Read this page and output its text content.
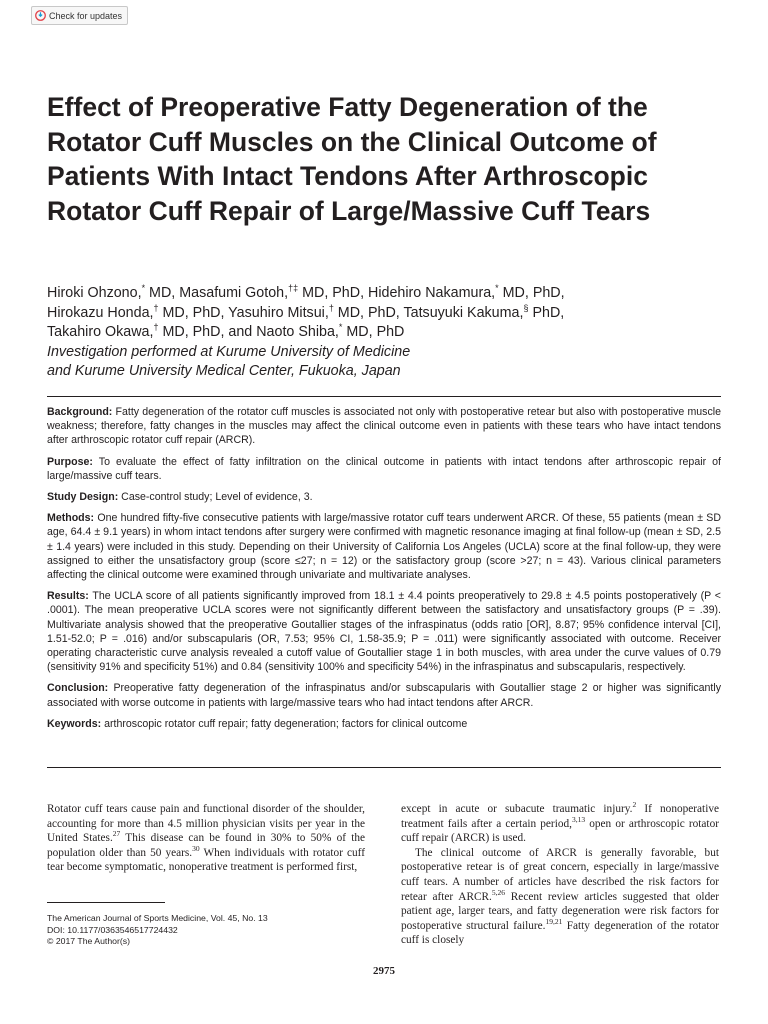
Check for updates
Effect of Preoperative Fatty Degeneration of the Rotator Cuff Muscles on the Clinical Outcome of Patients With Intact Tendons After Arthroscopic Rotator Cuff Repair of Large/Massive Cuff Tears
Hiroki Ohzono,* MD, Masafumi Gotoh,†‡ MD, PhD, Hidehiro Nakamura,* MD, PhD,
Hirokazu Honda,† MD, PhD, Yasuhiro Mitsui,† MD, PhD, Tatsuyuki Kakuma,§ PhD,
Takahiro Okawa,† MD, PhD, and Naoto Shiba,* MD, PhD
Investigation performed at Kurume University of Medicine
and Kurume University Medical Center, Fukuoka, Japan

Background: Fatty degeneration of the rotator cuff muscles is associated not only with postoperative retear but also with postoperative muscle weakness; therefore, fatty changes in the muscles may affect the clinical outcome even in patients with these tears who have intact tendons after arthroscopic rotator cuff repair (ARCR).

Purpose: To evaluate the effect of fatty infiltration on the clinical outcome in patients with intact tendons after arthroscopic repair of large/massive cuff tears.

Study Design: Case-control study; Level of evidence, 3.

Methods: One hundred fifty-five consecutive patients with large/massive rotator cuff tears underwent ARCR. Of these, 55 patients (mean ± SD age, 64.4 ± 9.1 years) in whom intact tendons after surgery were confirmed with magnetic resonance imaging at final follow-up (mean ± SD, 2.5 ± 1.4 years) were included in this study. Depending on their University of California Los Angeles (UCLA) score at the final follow-up, they were assigned to either the unsatisfactory group (score ≤27; n = 12) or the satisfactory group (score >27; n = 43). Various clinical parameters affecting the clinical outcome were examined through univariate and multivariate analyses.

Results: The UCLA score of all patients significantly improved from 18.1 ± 4.4 points preoperatively to 29.8 ± 4.5 points postoperatively (P < .0001). The mean preoperative UCLA scores were not significantly different between the satisfactory and unsatisfactory groups (P = .39). Multivariate analysis showed that the preoperative Goutallier stages of the infraspinatus (odds ratio [OR], 8.87; 95% confidence interval [CI], 1.51-52.0; P = .016) and/or subscapularis (OR, 7.53; 95% CI, 1.58-35.9; P = .011) were significantly associated with outcome. Receiver operating characteristic curve analysis revealed a cutoff value of Goutallier stage 1 in both muscles, with area under the curve values of 0.79 (sensitivity 91% and specificity 51%) and 0.84 (sensitivity 100% and specificity 54%) in the infraspinatus and subscapularis, respectively.

Conclusion: Preoperative fatty degeneration of the infraspinatus and/or subscapularis with Goutallier stage 2 or higher was significantly associated with worse outcome in patients with large/massive tears who had intact tendons after ARCR.

Keywords: arthroscopic rotator cuff repair; fatty degeneration; factors for clinical outcome

Rotator cuff tears cause pain and functional disorder of the shoulder, accounting for more than 4.5 million physician visits per year in the United States.$^{27}$ This disease can be found in 30% to 50% of the population older than 50 years.$^{30}$ When individuals with rotator cuff tear become symptomatic, nonoperative treatment is performed first,

except in acute or subacute traumatic injury.$^2$ If nonoperative treatment fails after a certain period,$^{3,13}$ open or arthroscopic rotator cuff repair (ARCR) is used.

The clinical outcome of ARCR is generally favorable, but postoperative retear is of great concern, especially in large/massive cuff tears. A number of articles have described the risk factors for retear after ARCR.$^{5,26}$ Recent review articles suggested that older patient age, larger tears, and fatty degeneration were risk factors for postoperative structural failure.$^{19,21}$ Fatty degeneration of the rotator cuff is closely

The American Journal of Sports Medicine, Vol. 45, No. 13
DOI: 10.1177/0363546517724432
© 2017 The Author(s)
2975
